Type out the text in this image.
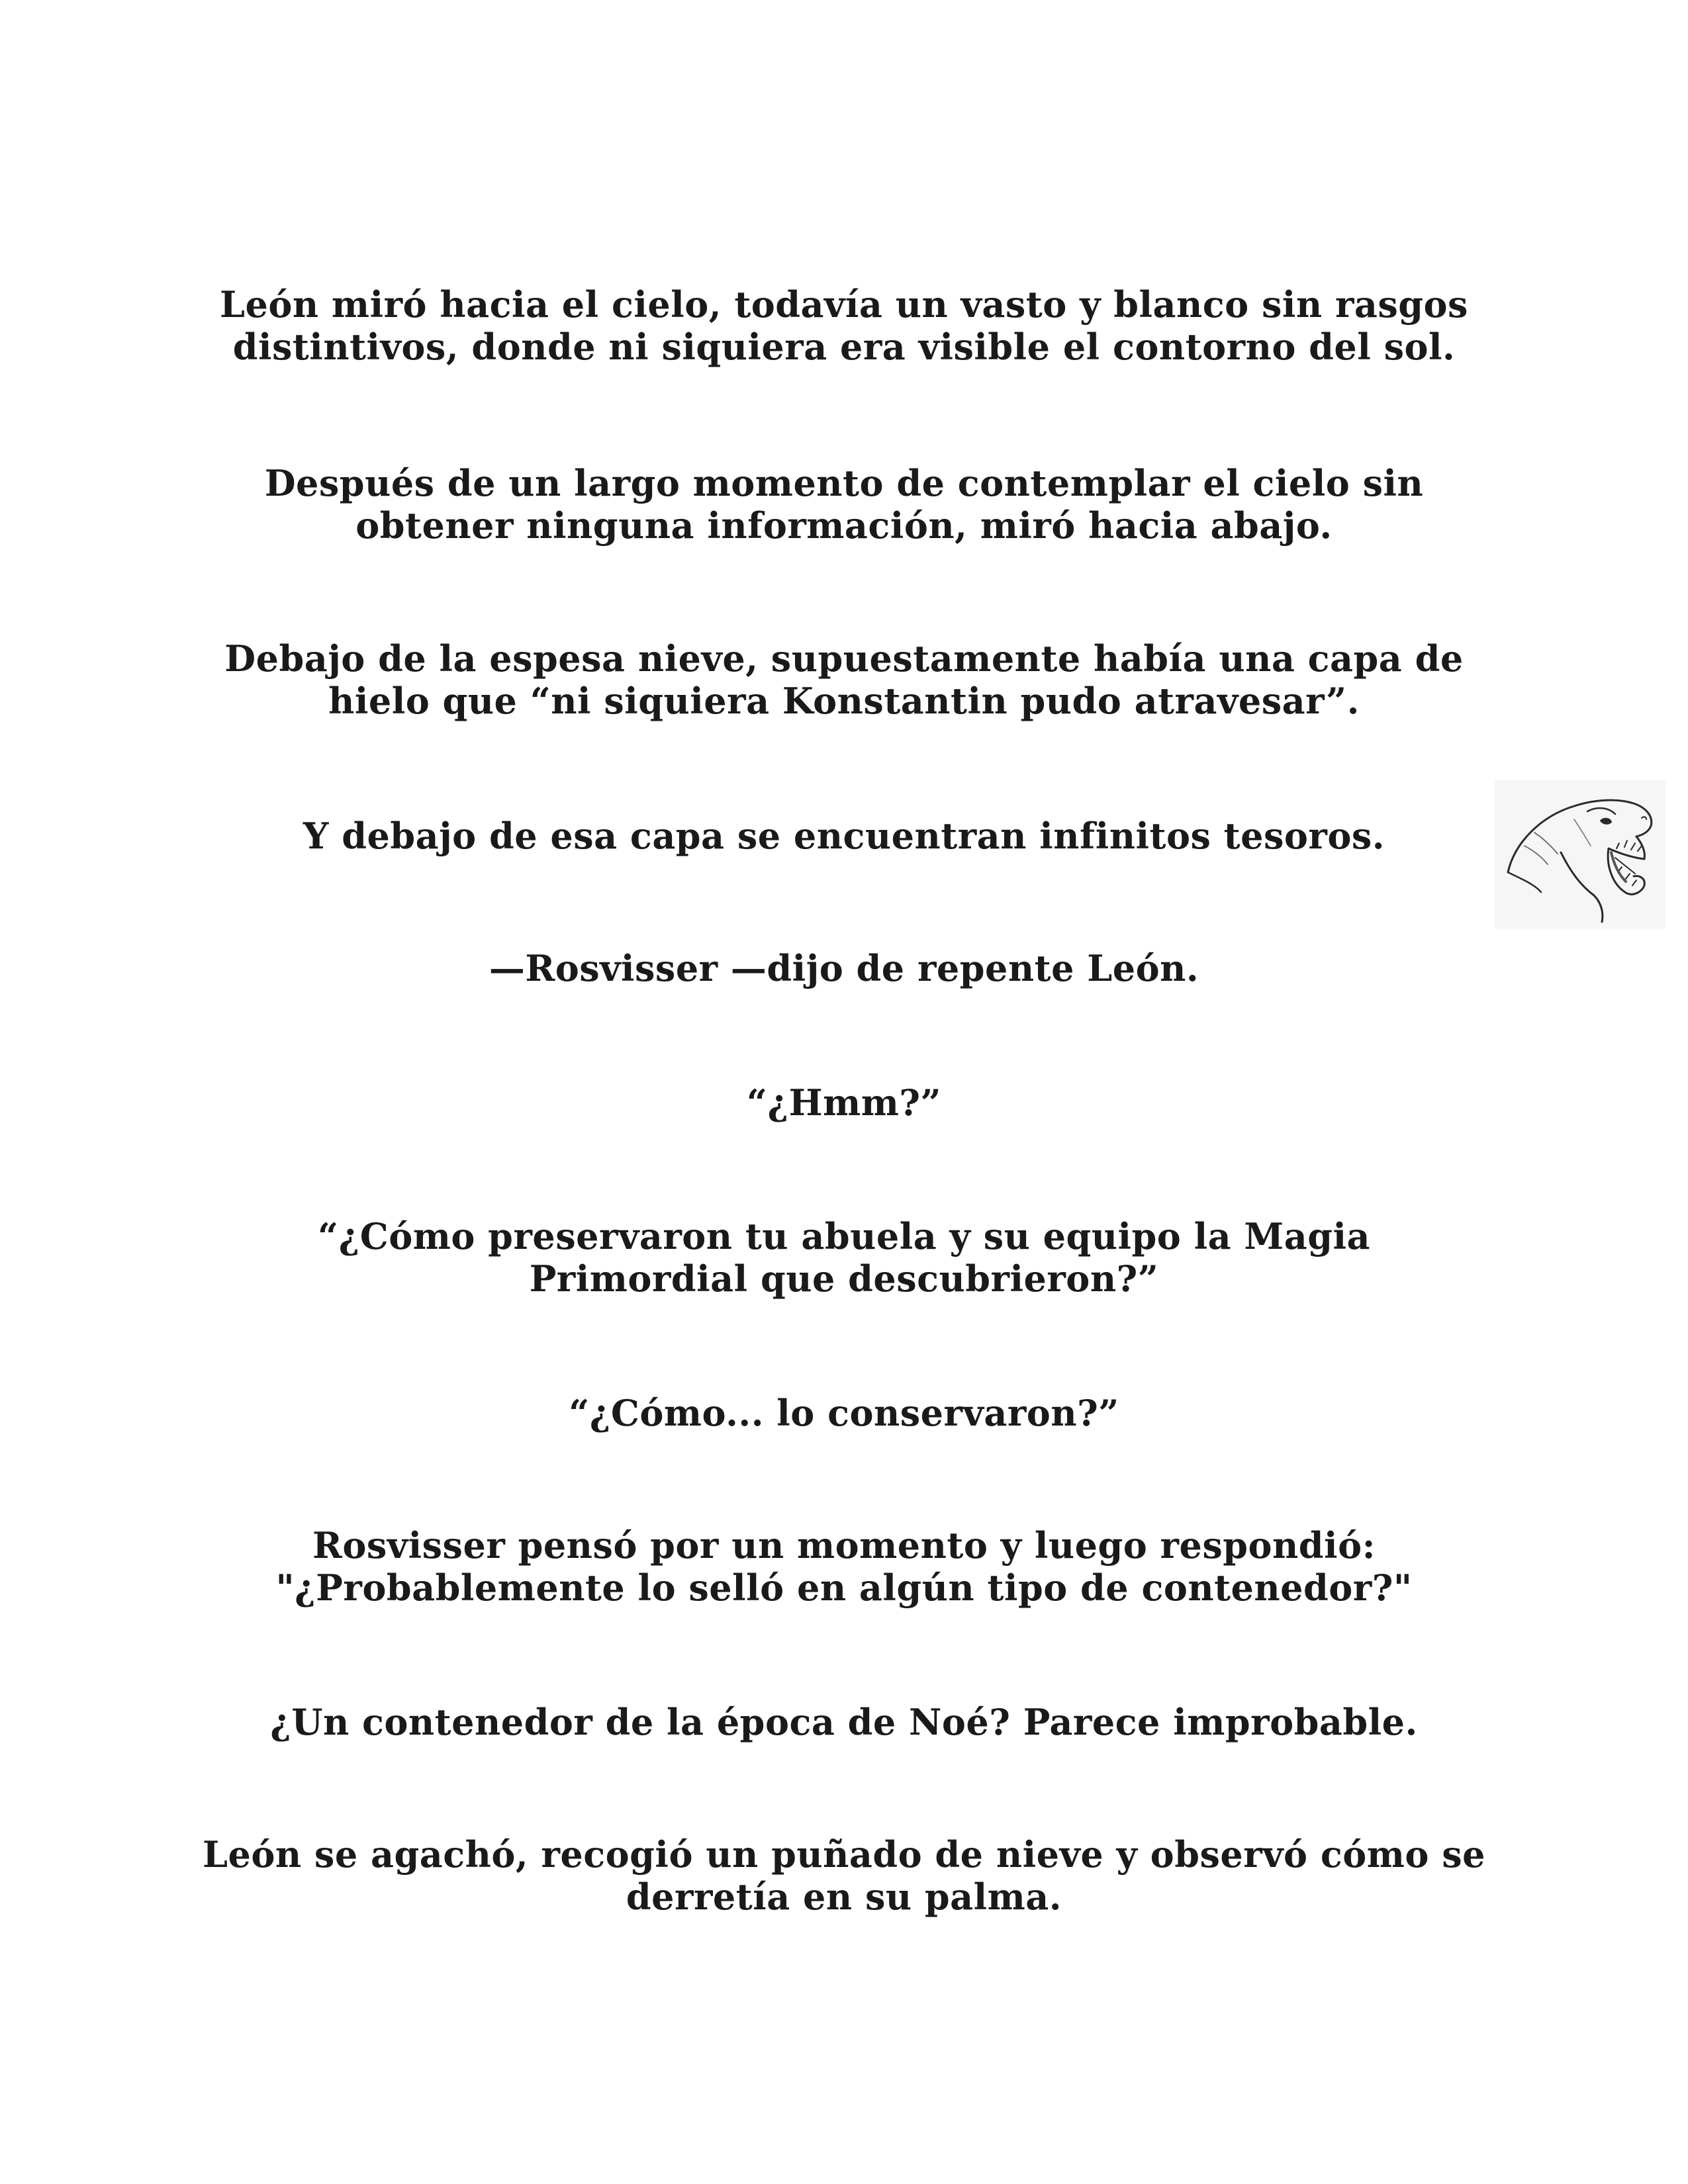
León miró hacia el cielo, todavía un vasto y blanco sin rasgos
distintivos, donde ni siquiera era visible el contorno del sol.

Después de un largo momento de contemplar el cielo sin
obtener ninguna información, miró hacia abajo.

Debajo de la espesa nieve, supuestamente había una capa de
hielo que “ni siquiera Konstantin pudo atravesar”.

Y debajo de esa capa se encuentran infinitos tesoros.

—Rosvisser —dijo de repente León.

“¿Hmm?”

“¿Cómo preservaron tu abuela y su equipo la Magia
Primordial que descubrieron?”

“¿Cómo... lo conservaron?”

Rosvisser pensó por un momento y luego respondió:
"¿Probablemente lo selló en algún tipo de contenedor?"

¿Un contenedor de la época de Noé? Parece improbable.

León se agachó, recogió un puñado de nieve y observó cómo se
derretía en su palma.
